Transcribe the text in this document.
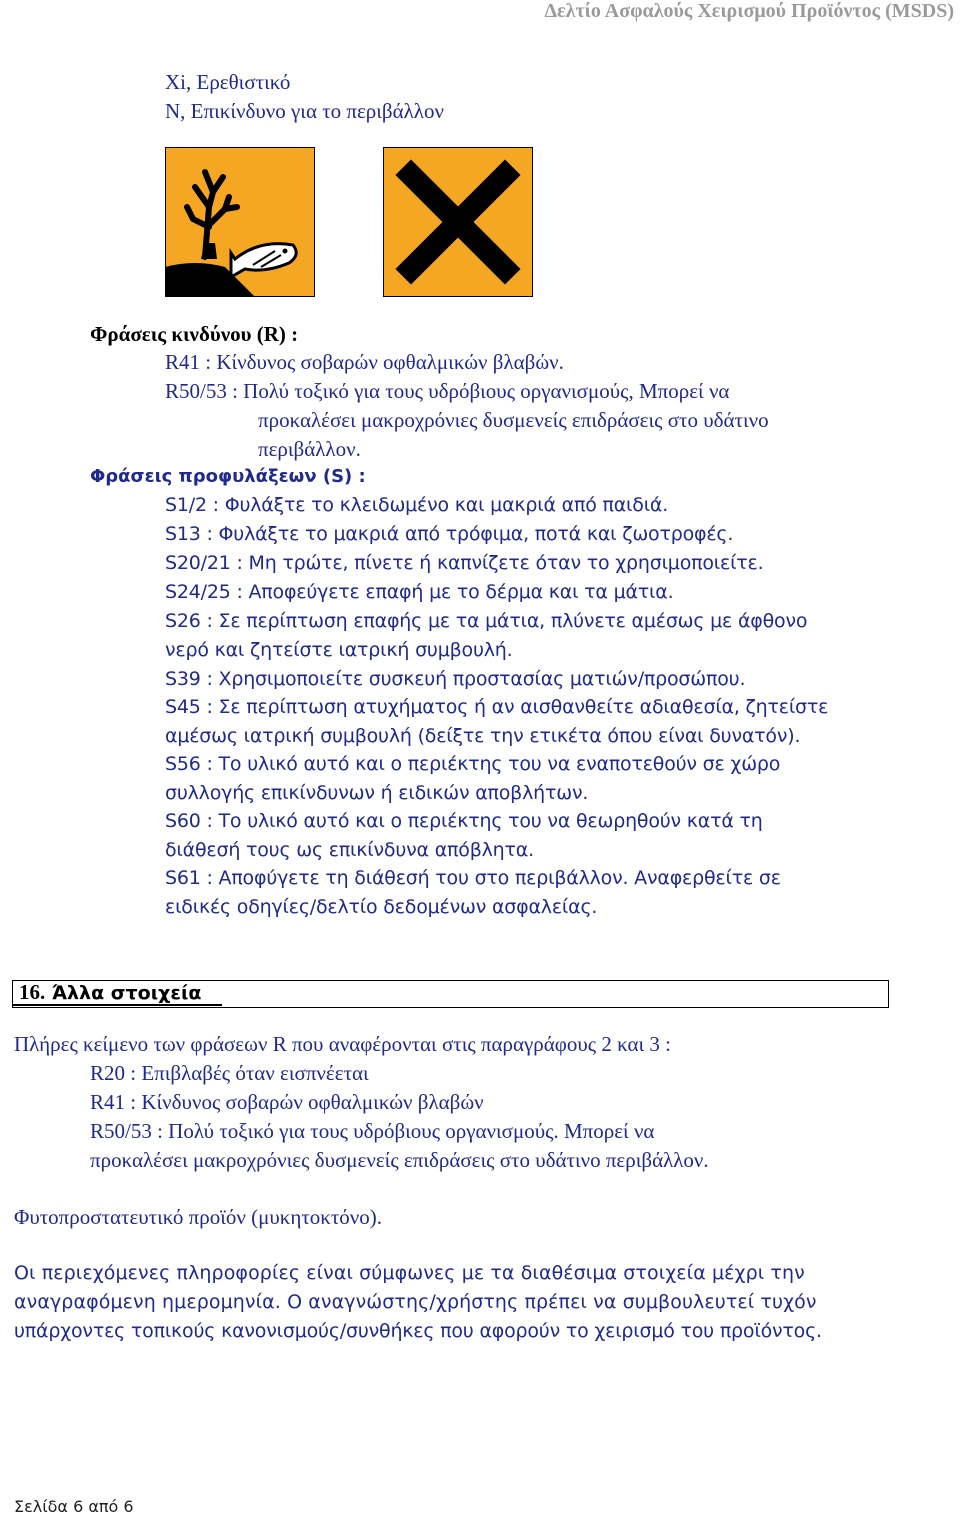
Δελτίο Ασφαλούς Χειρισμού Προϊόντος (MSDS)
Xi, Ερεθιστικό
N, Επικίνδυνο για το περιβάλλον
Φράσεις κινδύνου (R) :
R41 : Κίνδυνος σοβαρών οφθαλμικών βλαβών.
R50/53 : Πολύ τοξικό για τους υδρόβιους οργανισμούς, Μπορεί να
προκαλέσει μακροχρόνιες δυσμενείς επιδράσεις στο υδάτινο
περιβάλλον.
Φράσεις προφυλάξεων (S) :
S1/2 : Φυλάξτε το κλειδωμένο και μακριά από παιδιά.
S13 : Φυλάξτε το μακριά από τρόφιμα, ποτά και ζωοτροφές.
S20/21 : Μη τρώτε, πίνετε ή καπνίζετε όταν το χρησιμοποιείτε.
S24/25 : Αποφεύγετε επαφή με το δέρμα και τα μάτια.
S26 : Σε περίπτωση επαφής με τα μάτια, πλύνετε αμέσως με άφθονο
νερό και ζητείστε ιατρική συμβουλή.
S39 : Χρησιμοποιείτε συσκευή προστασίας ματιών/προσώπου.
S45 : Σε περίπτωση ατυχήματος ή αν αισθανθείτε αδιαθεσία, ζητείστε
αμέσως ιατρική συμβουλή (δείξτε την ετικέτα όπου είναι δυνατόν).
S56 : Το υλικό αυτό και ο περιέκτης του να εναποτεθούν σε χώρο
συλλογής επικίνδυνων ή ειδικών αποβλήτων.
S60 : Το υλικό αυτό και ο περιέκτης του να θεωρηθούν κατά τη
διάθεσή τους ως επικίνδυνα απόβλητα.
S61 : Αποφύγετε τη διάθεσή του στο περιβάλλον. Αναφερθείτε σε
ειδικές οδηγίες/δελτίο δεδομένων ασφαλείας.
16. Άλλα στοιχεία
Πλήρες κείμενο των φράσεων R που αναφέρονται στις παραγράφους 2 και 3 :
R20 : Επιβλαβές όταν εισπνέεται
R41 : Κίνδυνος σοβαρών οφθαλμικών βλαβών
R50/53 : Πολύ τοξικό για τους υδρόβιους οργανισμούς. Μπορεί να
προκαλέσει μακροχρόνιες δυσμενείς επιδράσεις στο υδάτινο περιβάλλον.
Φυτοπροστατευτικό προϊόν (μυκητοκτόνο).
Οι περιεχόμενες πληροφορίες είναι σύμφωνες με τα διαθέσιμα στοιχεία μέχρι την
αναγραφόμενη ημερομηνία. Ο αναγνώστης/χρήστης πρέπει να συμβουλευτεί τυχόν
υπάρχοντες τοπικούς κανονισμούς/συνθήκες που αφορούν το χειρισμό του προϊόντος.
Σελίδα 6 από 6
